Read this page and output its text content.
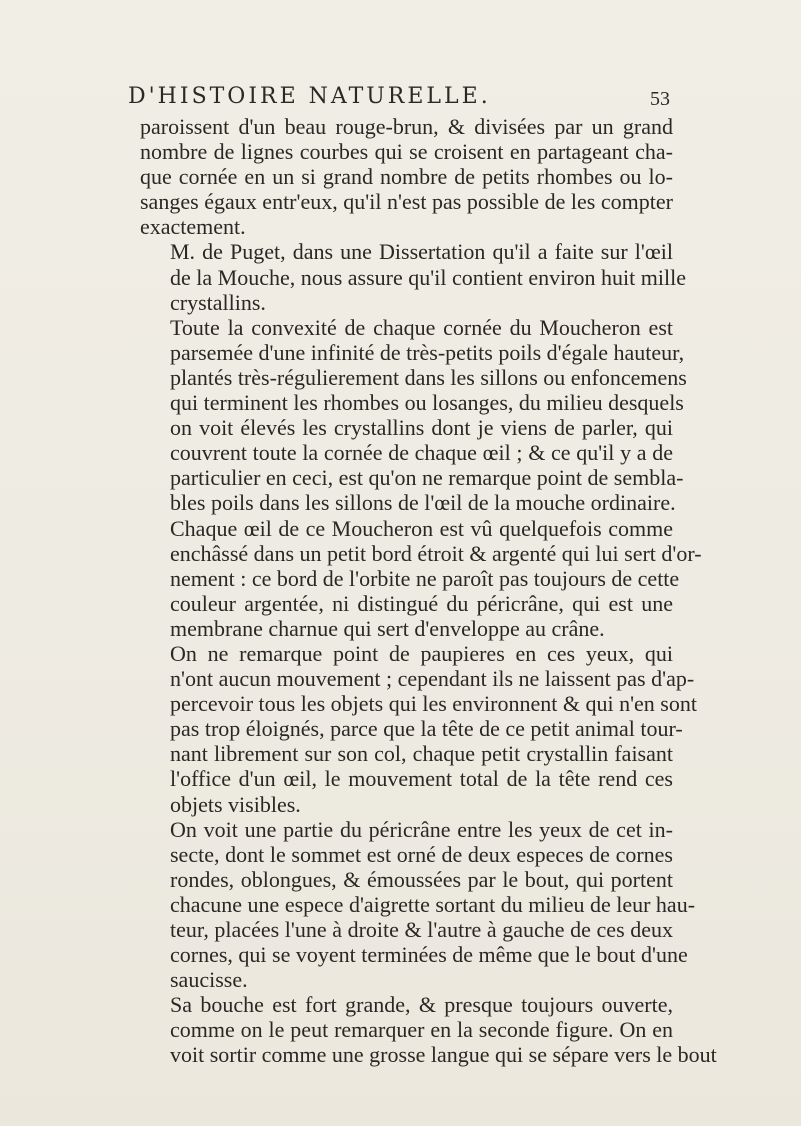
D'HISTOIRE NATURELLE.	53

paroissent d'un beau rouge-brun, & divisées par un grand
nombre de lignes courbes qui se croisent en partageant cha-
que cornée en un si grand nombre de petits rhombes ou lo-
sanges égaux entr'eux, qu'il n'est pas possible de les compter
exactement.

M. de Puget, dans une Dissertation qu'il a faite sur l'œil
de la Mouche, nous assure qu'il contient environ huit mille
crystallins.

Toute la convexité de chaque cornée du Moucheron est
parsemée d'une infinité de très-petits poils d'égale hauteur,
plantés très-régulierement dans les sillons ou enfoncemens
qui terminent les rhombes ou losanges, du milieu desquels
on voit élevés les crystallins dont je viens de parler, qui
couvrent toute la cornée de chaque œil ; & ce qu'il y a de
particulier en ceci, est qu'on ne remarque point de sembla-
bles poils dans les sillons de l'œil de la mouche ordinaire.

Chaque œil de ce Moucheron est vû quelquefois comme
enchâssé dans un petit bord étroit & argenté qui lui sert d'or-
nement : ce bord de l'orbite ne paroît pas toujours de cette
couleur argentée, ni distingué du péricrâne, qui est une
membrane charnue qui sert d'enveloppe au crâne.

On ne remarque point de paupieres en ces yeux, qui
n'ont aucun mouvement ; cependant ils ne laissent pas d'ap-
percevoir tous les objets qui les environnent & qui n'en sont
pas trop éloignés, parce que la tête de ce petit animal tour-
nant librement sur son col, chaque petit crystallin faisant
l'office d'un œil, le mouvement total de la tête rend ces
objets visibles.

On voit une partie du péricrâne entre les yeux de cet in-
secte, dont le sommet est orné de deux especes de cornes
rondes, oblongues, & émoussées par le bout, qui portent
chacune une espece d'aigrette sortant du milieu de leur hau-
teur, placées l'une à droite & l'autre à gauche de ces deux
cornes, qui se voyent terminées de même que le bout d'une
saucisse.

Sa bouche est fort grande, & presque toujours ouverte,
comme on le peut remarquer en la seconde figure. On en
voit sortir comme une grosse langue qui se sépare vers le bout
